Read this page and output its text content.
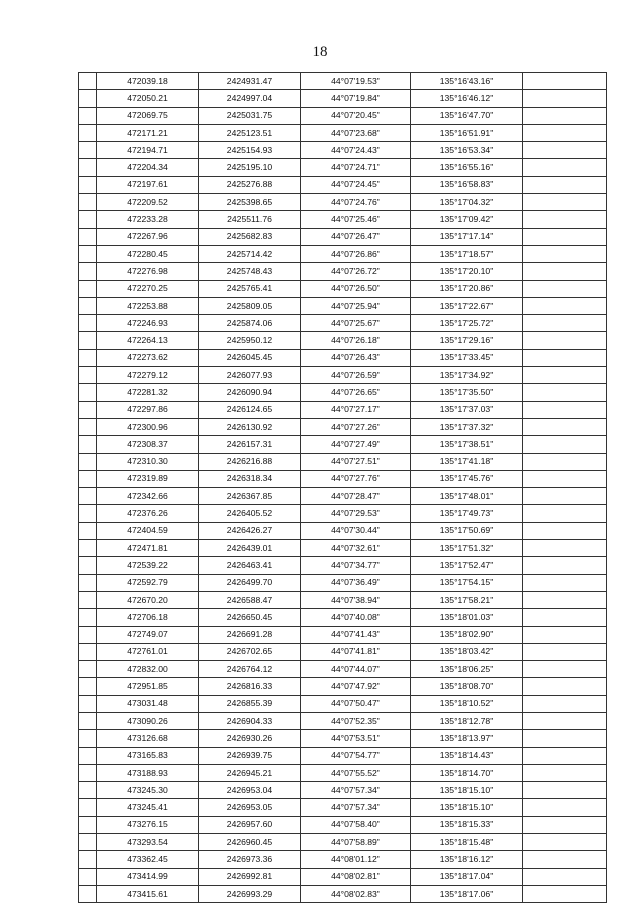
18
	472039.18	2424931.47	44°07'19.53"	135°16'43.16"	
	472050.21	2424997.04	44°07'19.84"	135°16'46.12"	
	472069.75	2425031.75	44°07'20.45"	135°16'47.70"	
	472171.21	2425123.51	44°07'23.68"	135°16'51.91"	
	472194.71	2425154.93	44°07'24.43"	135°16'53.34"	
	472204.34	2425195.10	44°07'24.71"	135°16'55.16"	
	472197.61	2425276.88	44°07'24.45"	135°16'58.83"	
	472209.52	2425398.65	44°07'24.76"	135°17'04.32"	
	472233.28	2425511.76	44°07'25.46"	135°17'09.42"	
	472267.96	2425682.83	44°07'26.47"	135°17'17.14"	
	472280.45	2425714.42	44°07'26.86"	135°17'18.57"	
	472276.98	2425748.43	44°07'26.72"	135°17'20.10"	
	472270.25	2425765.41	44°07'26.50"	135°17'20.86"	
	472253.88	2425809.05	44°07'25.94"	135°17'22.67"	
	472246.93	2425874.06	44°07'25.67"	135°17'25.72"	
	472264.13	2425950.12	44°07'26.18"	135°17'29.16"	
	472273.62	2426045.45	44°07'26.43"	135°17'33.45"	
	472279.12	2426077.93	44°07'26.59"	135°17'34.92"	
	472281.32	2426090.94	44°07'26.65"	135°17'35.50"	
	472297.86	2426124.65	44°07'27.17"	135°17'37.03"	
	472300.96	2426130.92	44°07'27.26"	135°17'37.32"	
	472308.37	2426157.31	44°07'27.49"	135°17'38.51"	
	472310.30	2426216.88	44°07'27.51"	135°17'41.18"	
	472319.89	2426318.34	44°07'27.76"	135°17'45.76"	
	472342.66	2426367.85	44°07'28.47"	135°17'48.01"	
	472376.26	2426405.52	44°07'29.53"	135°17'49.73"	
	472404.59	2426426.27	44°07'30.44"	135°17'50.69"	
	472471.81	2426439.01	44°07'32.61"	135°17'51.32"	
	472539.22	2426463.41	44°07'34.77"	135°17'52.47"	
	472592.79	2426499.70	44°07'36.49"	135°17'54.15"	
	472670.20	2426588.47	44°07'38.94"	135°17'58.21"	
	472706.18	2426650.45	44°07'40.08"	135°18'01.03"	
	472749.07	2426691.28	44°07'41.43"	135°18'02.90"	
	472761.01	2426702.65	44°07'41.81"	135°18'03.42"	
	472832.00	2426764.12	44°07'44.07"	135°18'06.25"	
	472951.85	2426816.33	44°07'47.92"	135°18'08.70"	
	473031.48	2426855.39	44°07'50.47"	135°18'10.52"	
	473090.26	2426904.33	44°07'52.35"	135°18'12.78"	
	473126.68	2426930.26	44°07'53.51"	135°18'13.97"	
	473165.83	2426939.75	44°07'54.77"	135°18'14.43"	
	473188.93	2426945.21	44°07'55.52"	135°18'14.70"	
	473245.30	2426953.04	44°07'57.34"	135°18'15.10"	
	473245.41	2426953.05	44°07'57.34"	135°18'15.10"	
	473276.15	2426957.60	44°07'58.40"	135°18'15.33"	
	473293.54	2426960.45	44°07'58.89"	135°18'15.48"	
	473362.45	2426973.36	44°08'01.12"	135°18'16.12"	
	473414.99	2426992.81	44°08'02.81"	135°18'17.04"	
	473415.61	2426993.29	44°08'02.83"	135°18'17.06"	
